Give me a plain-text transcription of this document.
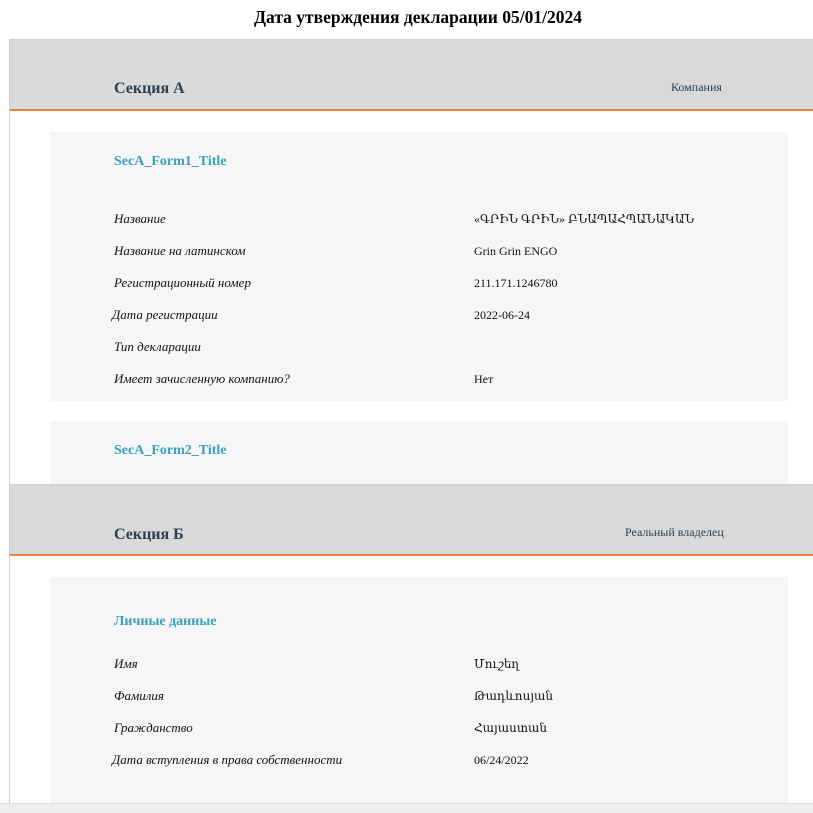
Дата утверждения декларации 05/01/2024
Секция А	Компания
SecA_Form1_Title
Название	«ԳՐԻՆ ԳՐԻՆ» ԲՆԱՊԱՀՊԱՆԱԿԱՆ
Название на латинском	Grin Grin ENGO
Регистрационный номер	211.171.1246780
Дата регистрации	2022-06-24
Тип декларации
Имеет зачисленную компанию?	Нет
SecA_Form2_Title
Секция Б	Реальный владелец
Личные данные
Имя	Մուշեղ
Фамилия	Թադևոսյան
Гражданство	Հայաստան
Дата вступления в права собственности	06/24/2022
